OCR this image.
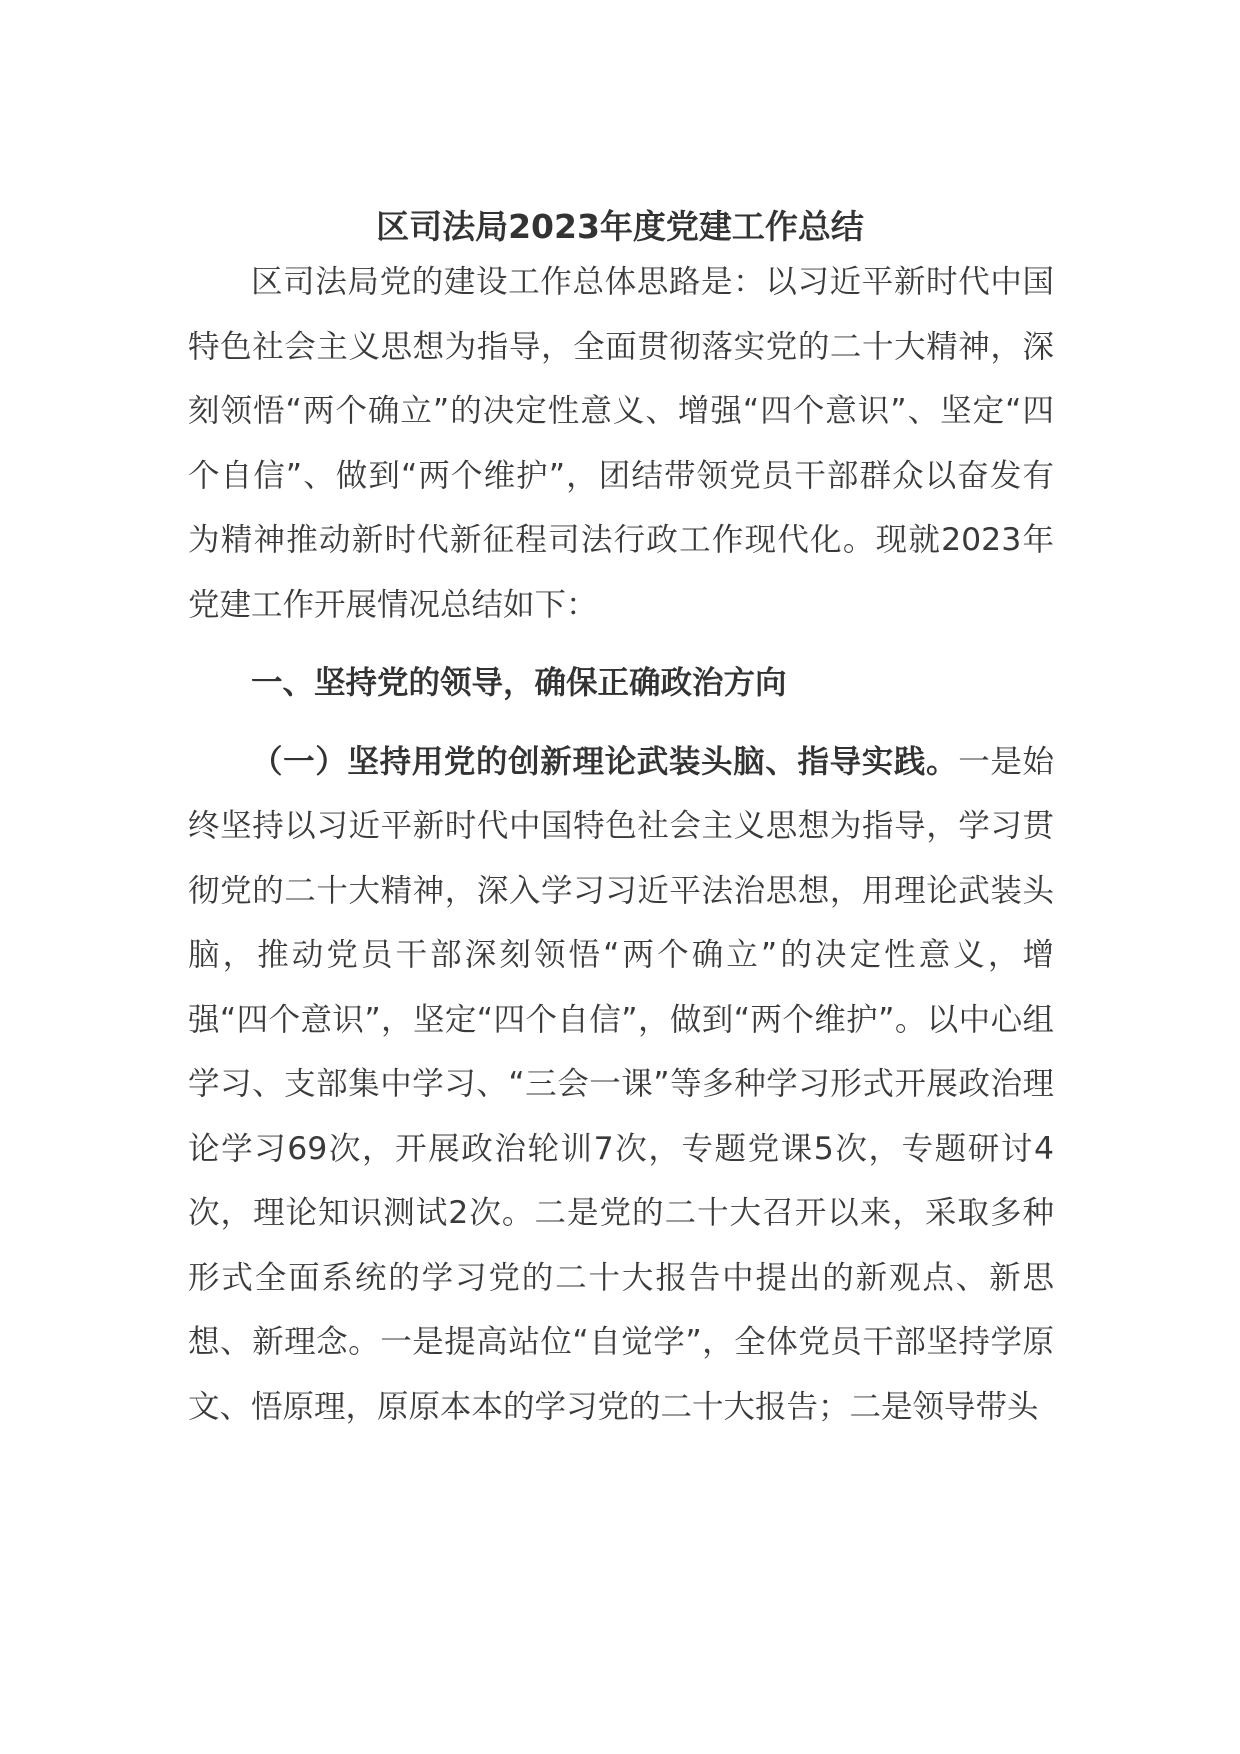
区司法局2023年度党建工作总结

区司法局党的建设工作总体思路是：以习近平新时代中国特色社会主义思想为指导，全面贯彻落实党的二十大精神，深刻领悟“两个确立”的决定性意义、增强“四个意识”、坚定“四个自信”、做到“两个维护”，团结带领党员干部群众以奋发有为精神推动新时代新征程司法行政工作现代化。现就2023年党建工作开展情况总结如下：

一、坚持党的领导，确保正确政治方向

（一）坚持用党的创新理论武装头脑、指导实践。一是始终坚持以习近平新时代中国特色社会主义思想为指导，学习贯彻党的二十大精神，深入学习习近平法治思想，用理论武装头脑，推动党员干部深刻领悟“两个确立”的决定性意义，增强“四个意识”，坚定“四个自信”，做到“两个维护”。以中心组学习、支部集中学习、“三会一课”等多种学习形式开展政治理论学习69次，开展政治轮训7次，专题党课5次，专题研讨4次，理论知识测试2次。二是党的二十大召开以来，采取多种形式全面系统的学习党的二十大报告中提出的新观点、新思想、新理念。一是提高站位“自觉学”，全体党员干部坚持学原文、悟原理，原原本本的学习党的二十大报告；二是领导带头
